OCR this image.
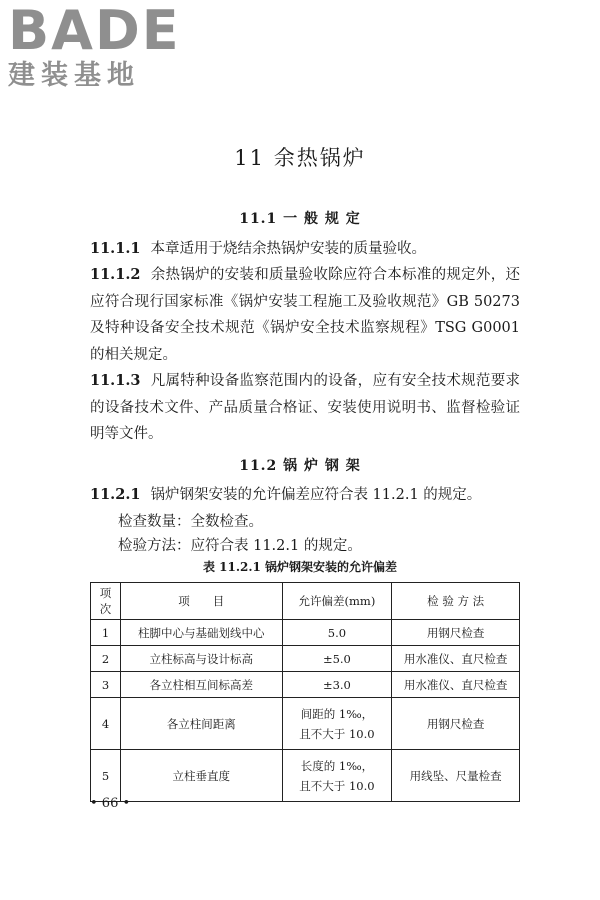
BADE
建装基地
11 余热锅炉
11.1 一 般 规 定
11.1.1 本章适用于烧结余热锅炉安装的质量验收。
11.1.2 余热锅炉的安装和质量验收除应符合本标准的规定外，还应符合现行国家标准《锅炉安装工程施工及验收规范》GB 50273及特种设备安全技术规范《锅炉安全技术监察规程》TSG G0001的相关规定。
11.1.3 凡属特种设备监察范围内的设备，应有安全技术规范要求的设备技术文件、产品质量合格证、安装使用说明书、监督检验证明等文件。
11.2 锅 炉 钢 架
11.2.1 锅炉钢架安装的允许偏差应符合表 11.2.1 的规定。
检查数量：全数检查。
检验方法：应符合表 11.2.1 的规定。
表 11.2.1 锅炉钢架安装的允许偏差
项次	项　　目	允许偏差(mm)	检 验 方 法
1	柱脚中心与基础划线中心	5.0	用钢尺检查
2	立柱标高与设计标高	±5.0	用水准仪、直尺检查
3	各立柱相互间标高差	±3.0	用水准仪、直尺检查
4	各立柱间距离	间距的 1‰，
且不大于 10.0	用钢尺检查
5	立柱垂直度	长度的 1‰，
且不大于 10.0	用线坠、尺量检查
• 66 •
